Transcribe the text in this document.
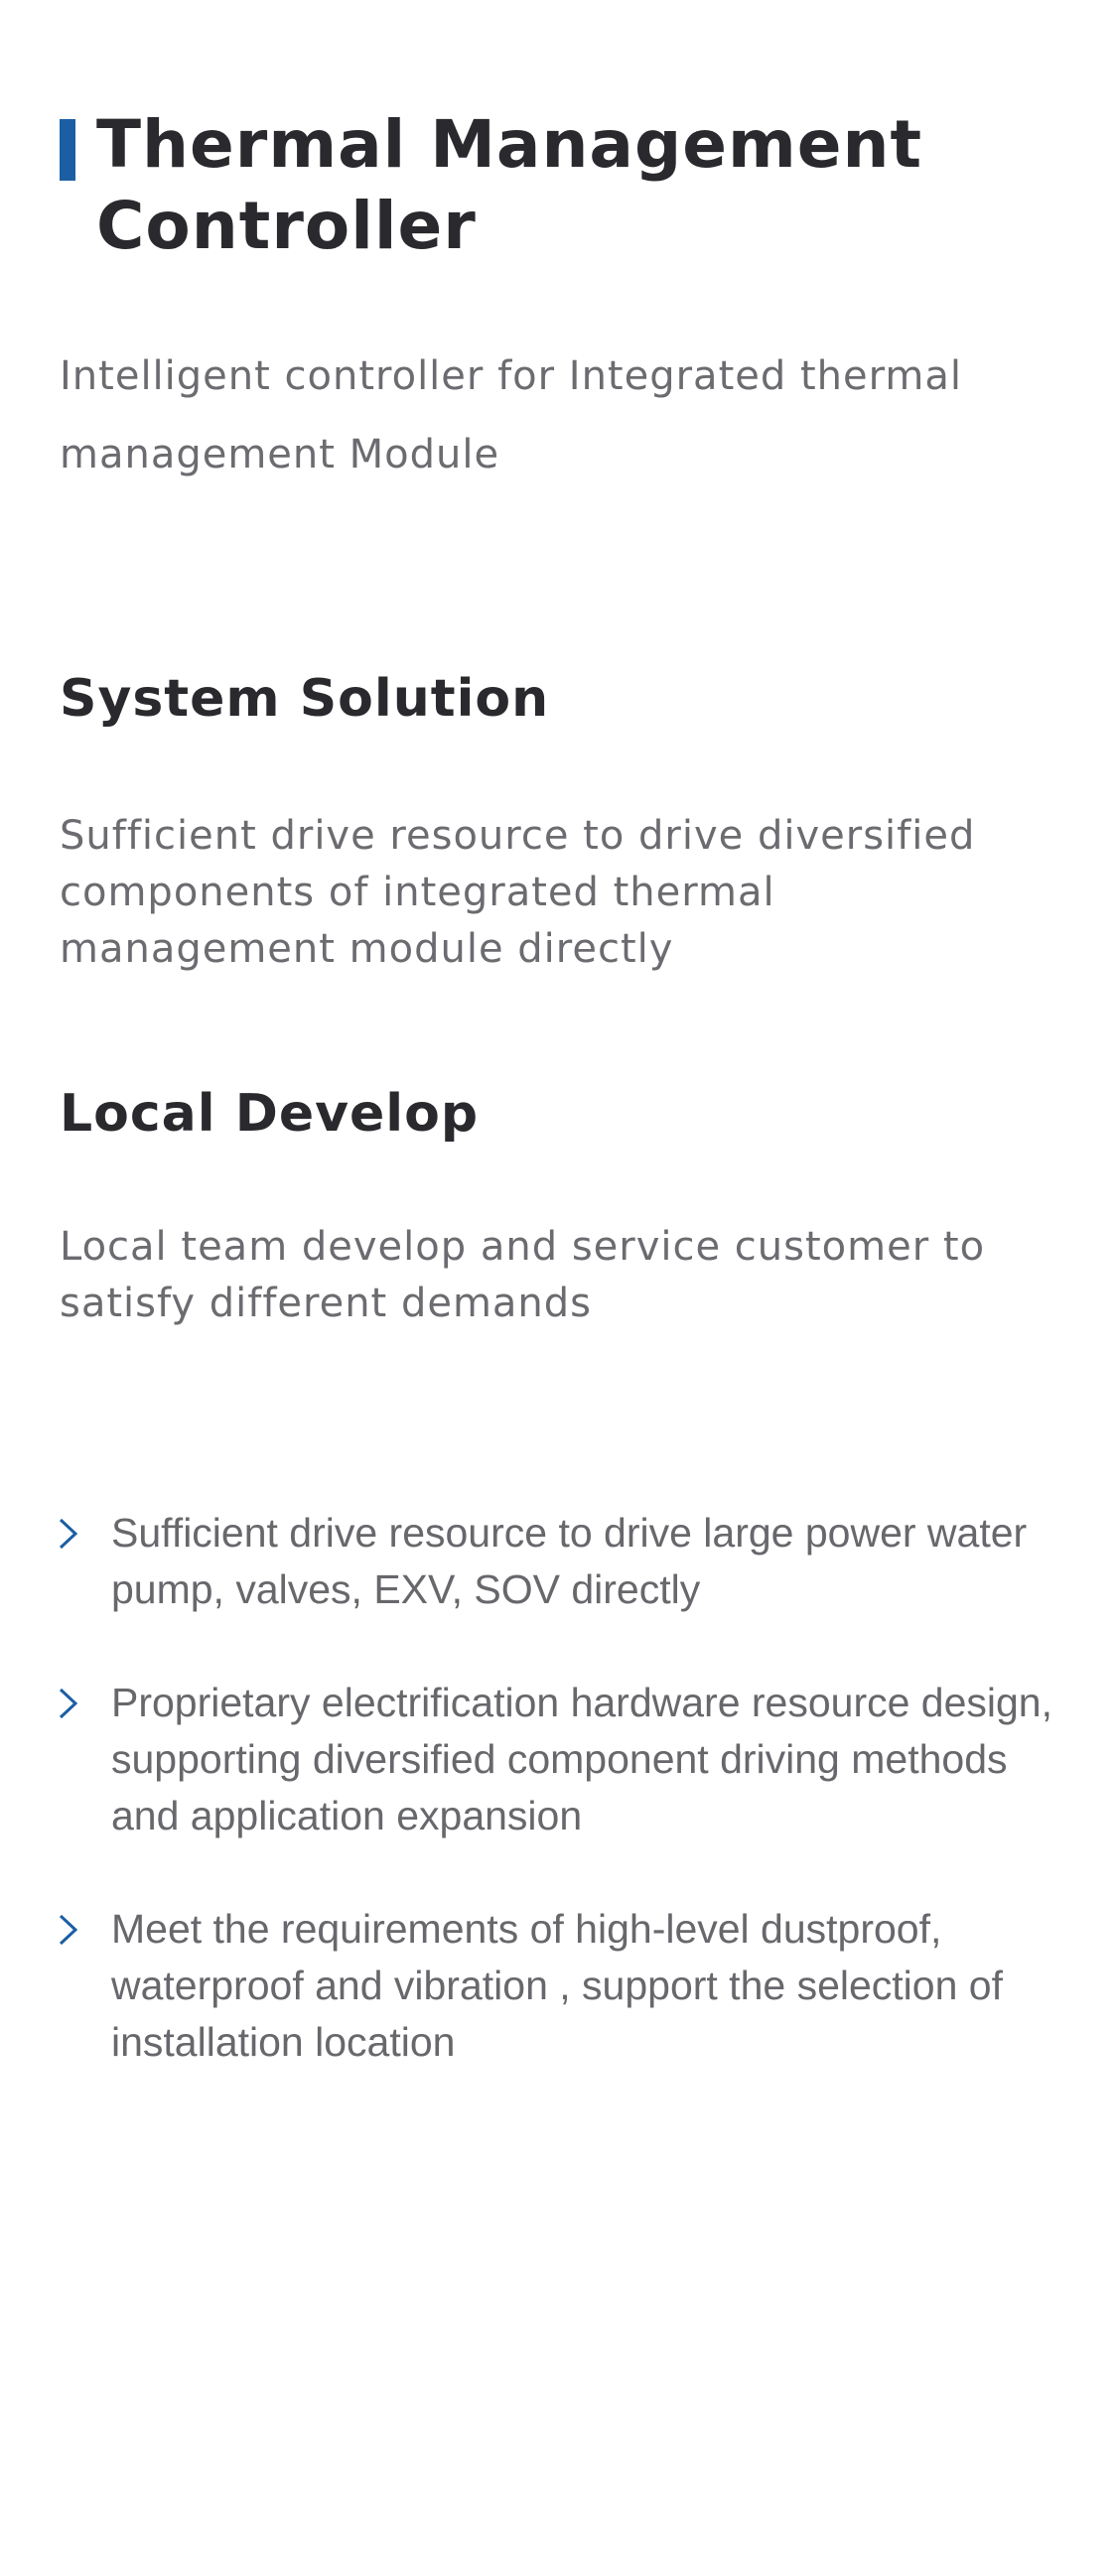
Thermal Management Controller

Intelligent controller for Integrated thermal management Module

System Solution

Sufficient drive resource to drive diversified components of integrated thermal management module directly

Local Develop

Local team develop and service customer to satisfy different demands

Sufficient drive resource to drive large power water pump, valves, EXV, SOV directly
Proprietary electrification hardware resource design, supporting diversified component driving methods and application expansion
Meet the requirements of high-level dustproof, waterproof and vibration , support the selection of installation location
